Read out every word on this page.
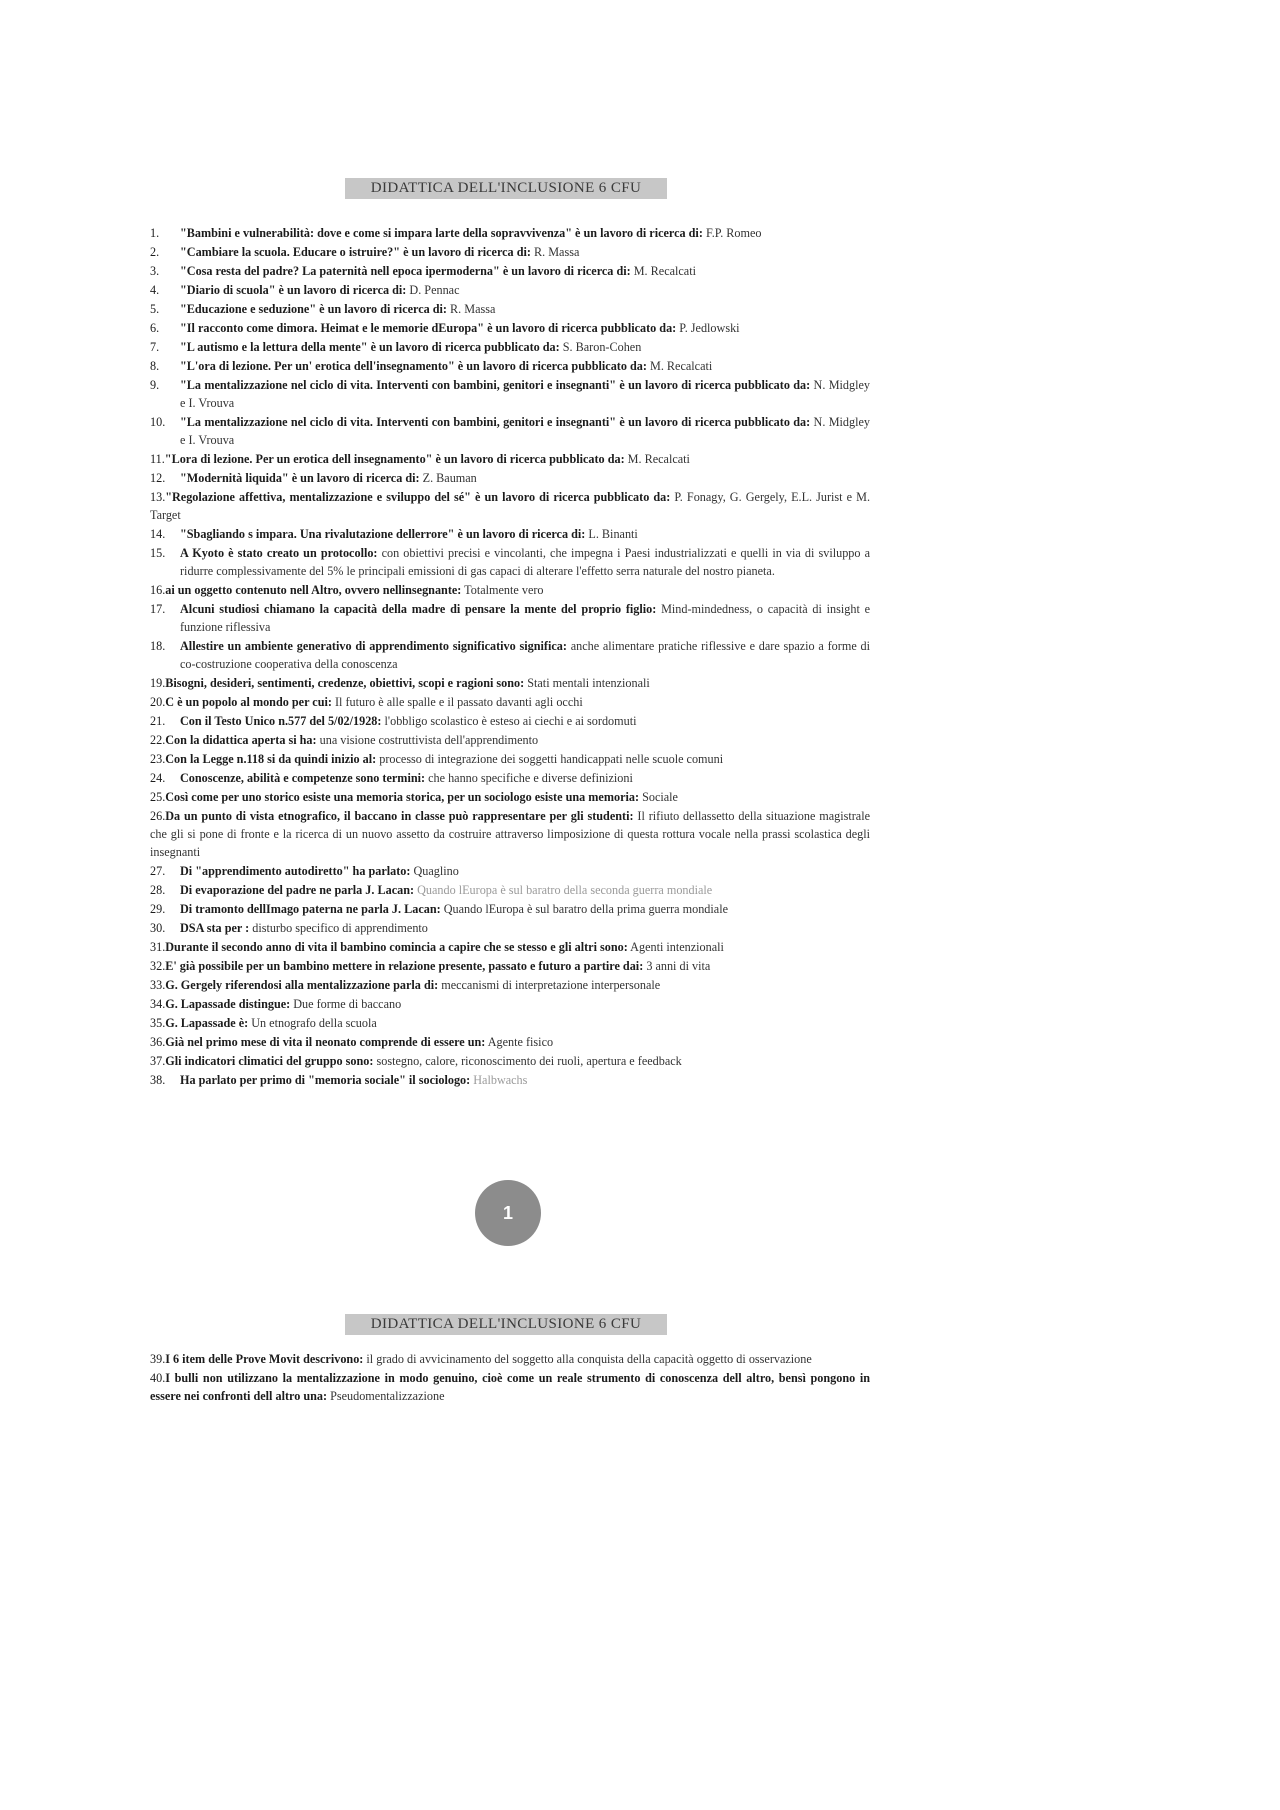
DIDATTICA DELL'INCLUSIONE 6 CFU
1.	"Bambini e vulnerabilità: dove e come si impara larte della sopravvivenza" è un lavoro di ricerca di: F.P. Romeo
2.	"Cambiare la scuola. Educare o istruire?" è un lavoro di ricerca di: R. Massa
3.	"Cosa resta del padre? La paternità nell epoca ipermoderna" è un lavoro di ricerca di: M. Recalcati
4.	"Diario di scuola" è un lavoro di ricerca di: D. Pennac
5.	"Educazione e seduzione" è un lavoro di ricerca di: R. Massa
6.	"Il racconto come dimora. Heimat e le memorie dEuropa" è un lavoro di ricerca pubblicato da: P. Jedlowski
7.	"L autismo e la lettura della mente" è un lavoro di ricerca pubblicato da: S. Baron-Cohen
8.	"L'ora di lezione. Per un' erotica dell'insegnamento" è un lavoro di ricerca pubblicato da: M. Recalcati
9.	"La mentalizzazione nel ciclo di vita. Interventi con bambini, genitori e insegnanti" è un lavoro di ricerca pubblicato da: N. Midgley e I. Vrouva
10.	"La mentalizzazione nel ciclo di vita. Interventi con bambini, genitori e insegnanti" è un lavoro di ricerca pubblicato da: N. Midgley e I. Vrouva
11."Lora di lezione. Per un erotica dell insegnamento" è un lavoro di ricerca pubblicato da: M. Recalcati
12.	"Modernità liquida" è un lavoro di ricerca di: Z. Bauman
13."Regolazione affettiva, mentalizzazione e sviluppo del sé" è un lavoro di ricerca pubblicato da: P. Fonagy, G. Gergely, E.L. Jurist e M. Target
14.	"Sbagliando s impara. Una rivalutazione dellerrore" è un lavoro di ricerca di: L. Binanti
15.	A Kyoto è stato creato un protocollo: con obiettivi precisi e vincolanti, che impegna i Paesi industrializzati e quelli in via di sviluppo a ridurre complessivamente del 5% le principali emissioni di gas capaci di alterare l'effetto serra naturale del nostro pianeta.
16.ai un oggetto contenuto nell Altro, ovvero nellinsegnante: Totalmente vero
17.	Alcuni studiosi chiamano la capacità della madre di pensare la mente del proprio figlio: Mind-mindedness, o capacità di insight e funzione riflessiva
18.	Allestire un ambiente generativo di apprendimento significativo significa: anche alimentare pratiche riflessive e dare spazio a forme di co-costruzione cooperativa della conoscenza
19.Bisogni, desideri, sentimenti, credenze, obiettivi, scopi e ragioni sono: Stati mentali intenzionali
20.C è un popolo al mondo per cui: Il futuro è alle spalle e il passato davanti agli occhi
21.	Con il Testo Unico n.577 del 5/02/1928: l'obbligo scolastico è esteso ai ciechi e ai sordomuti
22.Con la didattica aperta si ha: una visione costruttivista dell'apprendimento
23.Con la Legge n.118 si da quindi inizio al: processo di integrazione dei soggetti handicappati nelle scuole comuni
24.	Conoscenze, abilità e competenze sono termini: che hanno specifiche e diverse definizioni
25.Così come per uno storico esiste una memoria storica, per un sociologo esiste una memoria: Sociale
26.Da un punto di vista etnografico, il baccano in classe può rappresentare per gli studenti: Il rifiuto dellassetto della situazione magistrale che gli si pone di fronte e la ricerca di un nuovo assetto da costruire attraverso limposizione di questa rottura vocale nella prassi scolastica degli insegnanti
27.	Di "apprendimento autodiretto" ha parlato: Quaglino
28.	Di evaporazione del padre ne parla J. Lacan: Quando lEuropa è sul baratro della seconda guerra mondiale
29.	Di tramonto dellImago paterna ne parla J. Lacan: Quando lEuropa è sul baratro della prima guerra mondiale
30.	DSA sta per : disturbo specifico di apprendimento
31.Durante il secondo anno di vita il bambino comincia a capire che se stesso e gli altri sono: Agenti intenzionali
32.E' già possibile per un bambino mettere in relazione presente, passato e futuro a partire dai: 3 anni di vita
33.G. Gergely riferendosi alla mentalizzazione parla di: meccanismi di interpretazione interpersonale
34.G. Lapassade distingue: Due forme di baccano
35.G. Lapassade è: Un etnografo della scuola
36.Già nel primo mese di vita il neonato comprende di essere un: Agente fisico
37.Gli indicatori climatici del gruppo sono: sostegno, calore, riconoscimento dei ruoli, apertura e feedback
38.	Ha parlato per primo di "memoria sociale" il sociologo: Halbwachs
1
DIDATTICA DELL'INCLUSIONE 6 CFU
39.I 6 item delle Prove Movit descrivono: il grado di avvicinamento del soggetto alla conquista della capacità oggetto di osservazione
40.I bulli non utilizzano la mentalizzazione in modo genuino, cioè come un reale strumento di conoscenza dell altro, bensì pongono in essere nei confronti dell altro una: Pseudomentalizzazione
